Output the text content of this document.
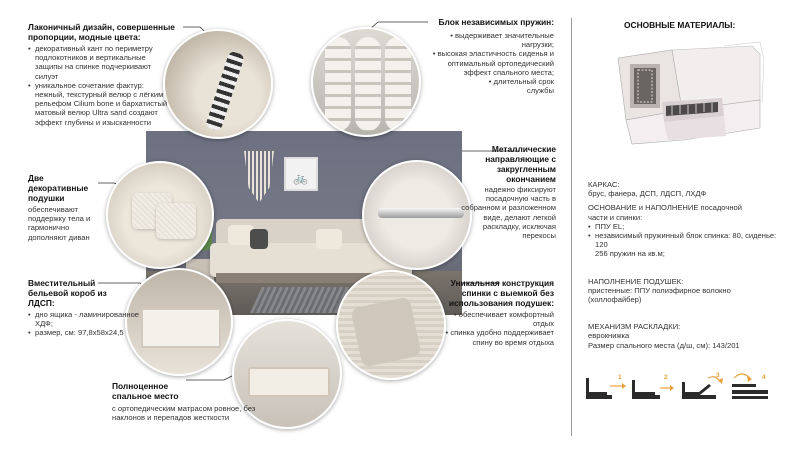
🚲
Лаконичный дизайн, совершенные пропорции, модные цвета:
• декоративный кант по периметру подлокотников и вертикальные защипы на спинке подчеркивают силуэт
• уникальное сочетание фактур: нежный, текстурный велюр с лёгким рельефом Cilium bone и бархатистый матовый велюр Ultra sand создают эффект глубины и изысканности
Блок независимых пружин:
• выдерживает значительные нагрузки;
• высокая эластичность сиденья и оптимальный ортопедический эффект спального места;
• длительный срок службы
Две декоративные подушки
обеспечивают поддержку тела и гармонично дополняют диван
Металлические направляющие с закругленным окончанием
надежно фиксируют посадочную часть в собранном и разложенном виде, делают легкой раскладку, исключая перекосы
Вместительный бельевой короб из ЛДСП:
• дно ящика - ламинированное ХДФ;
• размер, см: 97,8х58х24,5
Уникальная конструкция спинки с выемкой без использования подушек:
• обеспечивает комфортный отдых
• спинка удобно поддерживает спину во время отдыха
Полноценное спальное место
с ортопедическим матрасом ровное, без наклонов и перепадов жесткости
ОСНОВНЫЕ МАТЕРИАЛЫ:
КАРКАС:
брус, фанера, ДСП, ЛДСП, ЛХДФ
ОСНОВАНИЕ и НАПОЛНЕНИЕ посадочной части и спинки:
• ППУ EL;
• независимый пружинный блок спинка: 80, сиденье: 120
256 пружин на кв.м;
НАПОЛНЕНИЕ ПОДУШЕК:
пристенные: ППУ полиэфирное волокно (холлофайбер)
МЕХАНИЗМ РАСКЛАДКИ:
еврокнижка
Размер спального места (д/ш, см): 143/201
1	2	3	4
